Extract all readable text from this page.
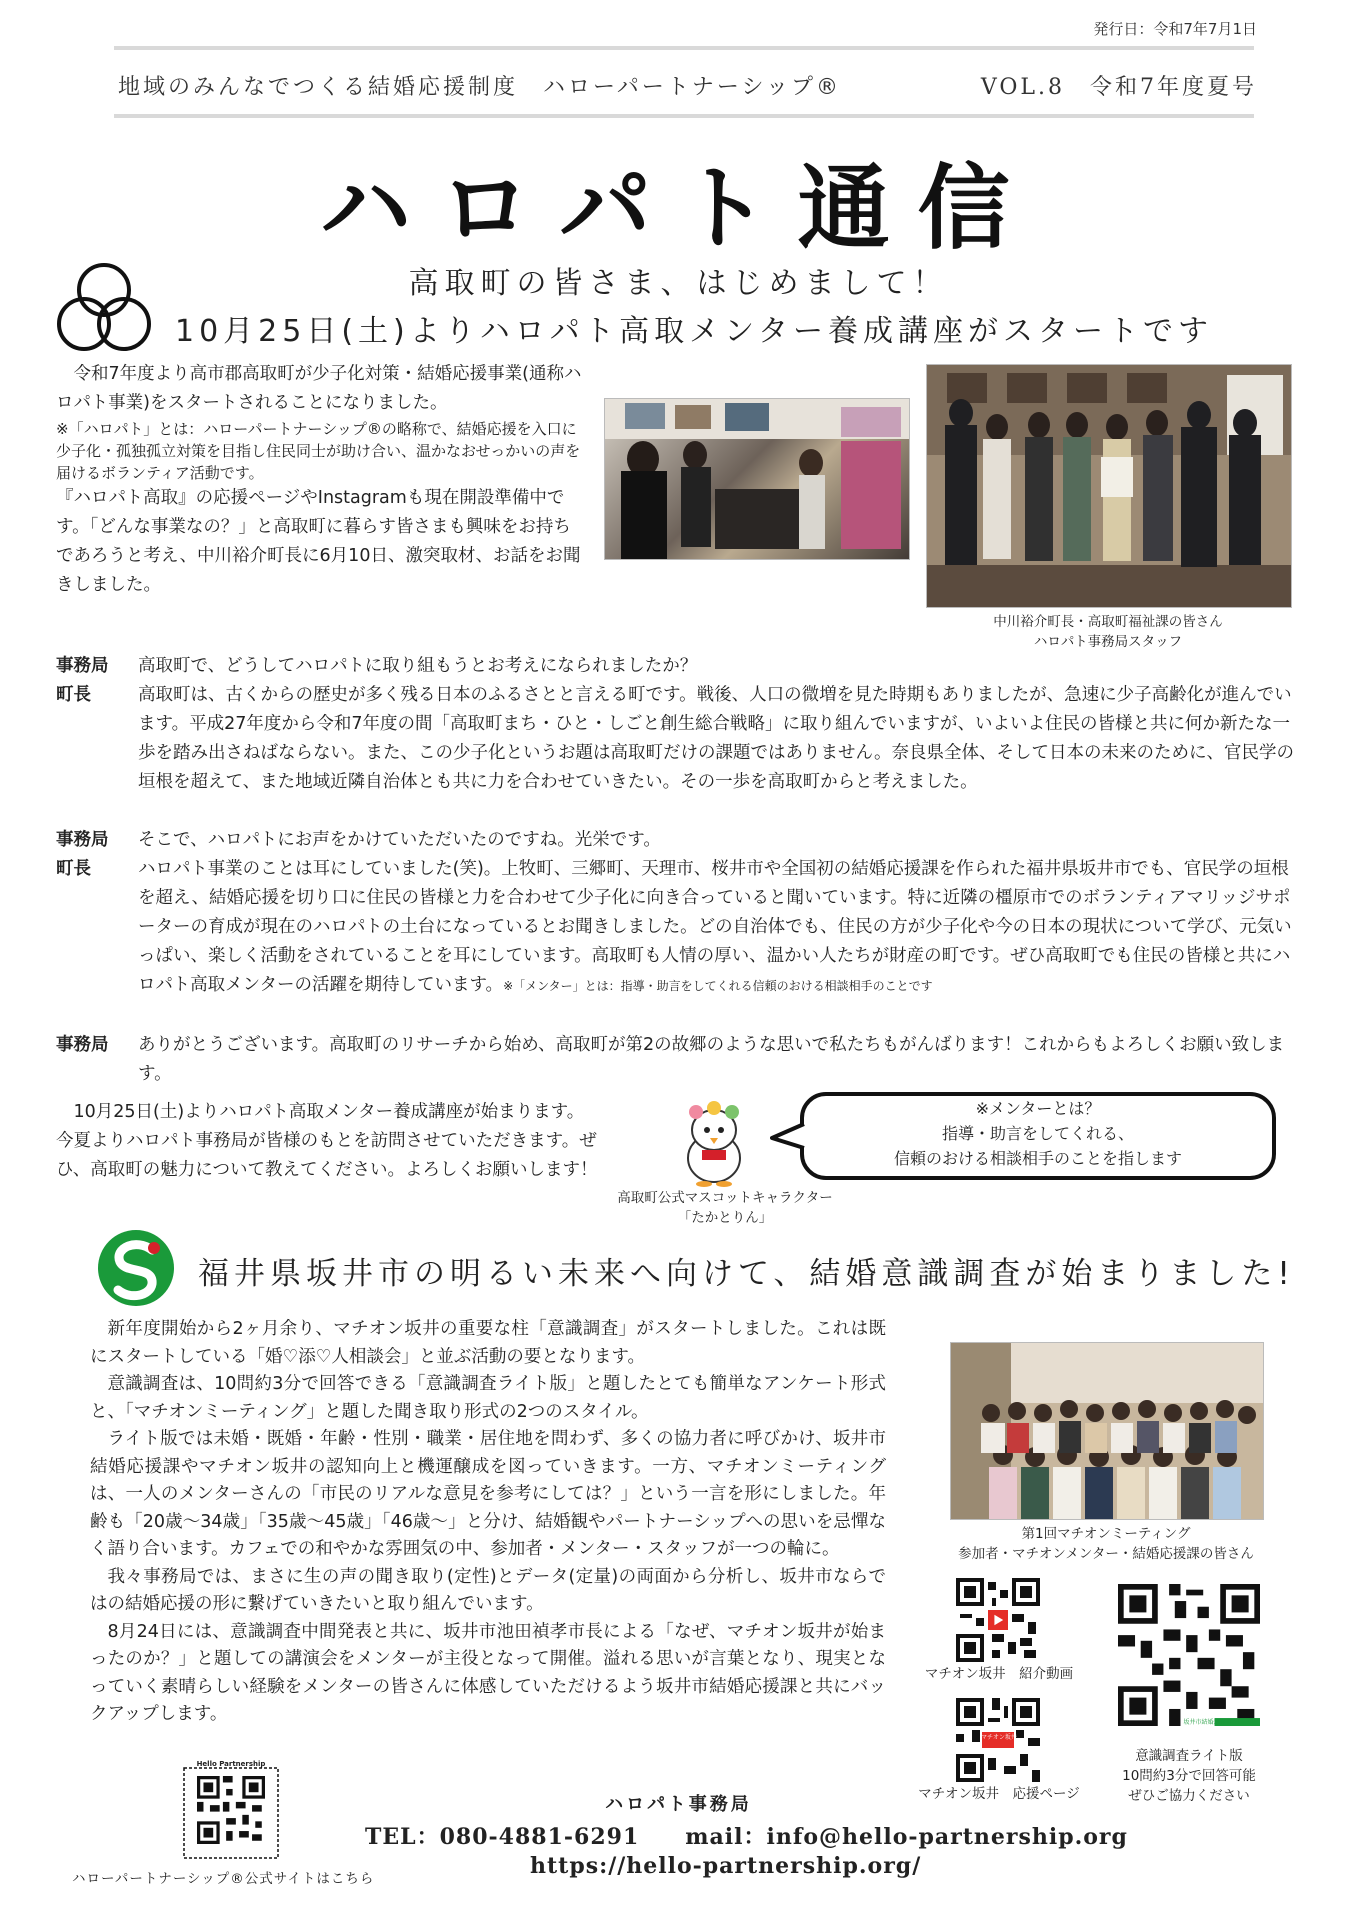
発行日：令和7年7月1日
地域のみんなでつくる結婚応援制度　ハローパートナーシップ®	VOL.8　令和7年度夏号
ハロパト通信
高取町の皆さま、はじめまして！
10月25日(土)よりハロパト高取メンター養成講座がスタートです
　令和7年度より高市郡高取町が少子化対策・結婚応援事業(通称ハロパト事業)をスタートされることになりました。
※「ハロパト」とは：ハローパートナーシップ®の略称で、結婚応援を入口に少子化・孤独孤立対策を目指し住民同士が助け合い、温かなおせっかいの声を届けるボランティア活動です。
『ハロパト高取』の応援ページやInstagramも現在開設準備中です。「どんな事業なの？」と高取町に暮らす皆さまも興味をお持ちであろうと考え、中川裕介町長に6月10日、激突取材、お話をお聞きしました。
中川裕介町長・高取町福祉課の皆さん
ハロパト事務局スタッフ
事務局 高取町で、どうしてハロパトに取り組もうとお考えになられましたか？
町長	高取町は、古くからの歴史が多く残る日本のふるさとと言える町です。戦後、人口の微増を見た時期もありましたが、急速に少子高齢化が進んでいます。平成27年度から令和7年度の間「高取町まち・ひと・しごと創生総合戦略」に取り組んでいますが、いよいよ住民の皆様と共に何か新たな一歩を踏み出さねばならない。また、この少子化というお題は高取町だけの課題ではありません。奈良県全体、そして日本の未来のために、官民学の垣根を超えて、また地域近隣自治体とも共に力を合わせていきたい。その一歩を高取町からと考えました。
事務局 そこで、ハロパトにお声をかけていただいたのですね。光栄です。
町長	ハロパト事業のことは耳にしていました(笑)。上牧町、三郷町、天理市、桜井市や全国初の結婚応援課を作られた福井県坂井市でも、官民学の垣根を超え、結婚応援を切り口に住民の皆様と力を合わせて少子化に向き合っていると聞いています。特に近隣の橿原市でのボランティアマリッジサポーターの育成が現在のハロパトの土台になっているとお聞きしました。どの自治体でも、住民の方が少子化や今の日本の現状について学び、元気いっぱい、楽しく活動をされていることを耳にしています。高取町も人情の厚い、温かい人たちが財産の町です。ぜひ高取町でも住民の皆様と共にハロパト高取メンターの活躍を期待しています。※「メンター」とは：指導・助言をしてくれる信頼のおける相談相手のことです
事務局 ありがとうございます。高取町のリサーチから始め、高取町が第2の故郷のような思いで私たちもがんばります！これからもよろしくお願い致します。
　10月25日(土)よりハロパト高取メンター養成講座が始まります。今夏よりハロパト事務局が皆様のもとを訪問させていただきます。ぜひ、高取町の魅力について教えてください。よろしくお願いします！
高取町公式マスコットキャラクター
「たかとりん」
※メンターとは？
指導・助言をしてくれる、
信頼のおける相談相手のことを指します
福井県坂井市の明るい未来へ向けて、結婚意識調査が始まりました!

新年度開始から2ヶ月余り、マチオン坂井の重要な柱「意識調査」がスタートしました。これは既にスタートしている「婚♡添♡人相談会」と並ぶ活動の要となります。

意識調査は、10問約3分で回答できる「意識調査ライト版」と題したとても簡単なアンケート形式と、「マチオンミーティング」と題した聞き取り形式の2つのスタイル。

ライト版では未婚・既婚・年齢・性別・職業・居住地を問わず、多くの協力者に呼びかけ、坂井市結婚応援課やマチオン坂井の認知向上と機運醸成を図っていきます。一方、マチオンミーティングは、一人のメンターさんの「市民のリアルな意見を参考にしては？」という一言を形にしました。年齢も「20歳～34歳」「35歳～45歳」「46歳～」と分け、結婚観やパートナーシップへの思いを忌憚なく語り合います。カフェでの和やかな雰囲気の中、参加者・メンター・スタッフが一つの輪に。

我々事務局では、まさに生の声の聞き取り(定性)とデータ(定量)の両面から分析し、坂井市ならではの結婚応援の形に繋げていきたいと取り組んでいます。

8月24日には、意識調査中間発表と共に、坂井市池田禎孝市長による「なぜ、マチオン坂井が始まったのか？」と題しての講演会をメンターが主役となって開催。溢れる思いが言葉となり、現実となっていく素晴らしい経験をメンターの皆さんに体感していただけるよう坂井市結婚応援課と共にバックアップします。

第1回マチオンミーティング
参加者・マチオンメンター・結婚応援課の皆さん
マチオン坂井　紹介動画
マチオン坂井
マチオン坂井　応援ページ
坂井市結婚意識調査(ライト)
意識調査ライト版
10問約3分で回答可能
ぜひご協力ください
Hello Partnership
ハローパートナーシップ®公式サイトはこちら
ハロパト事務局
TEL：080-4881-6291　　mail：info@hello-partnership.org
https://hello-partnership.org/
